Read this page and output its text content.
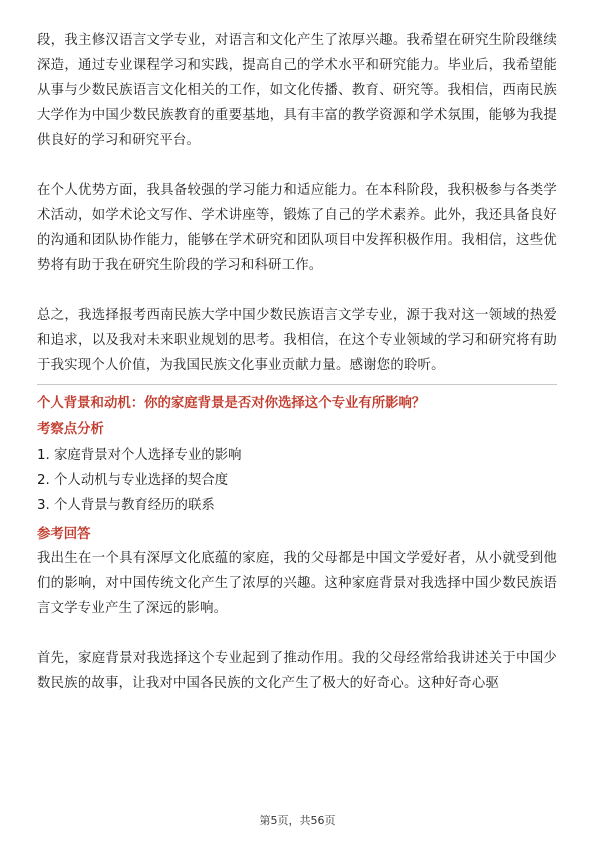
段，我主修汉语言文学专业，对语言和文化产生了浓厚兴趣。我希望在研究生阶段继续深造，通过专业课程学习和实践，提高自己的学术水平和研究能力。毕业后，我希望能从事与少数民族语言文化相关的工作，如文化传播、教育、研究等。我相信，西南民族大学作为中国少数民族教育的重要基地，具有丰富的教学资源和学术氛围，能够为我提供良好的学习和研究平台。

在个人优势方面，我具备较强的学习能力和适应能力。在本科阶段，我积极参与各类学术活动，如学术论文写作、学术讲座等，锻炼了自己的学术素养。此外，我还具备良好的沟通和团队协作能力，能够在学术研究和团队项目中发挥积极作用。我相信，这些优势将有助于我在研究生阶段的学习和科研工作。

总之，我选择报考西南民族大学中国少数民族语言文学专业，源于我对这一领域的热爱和追求，以及我对未来职业规划的思考。我相信，在这个专业领域的学习和研究将有助于我实现个人价值，为我国民族文化事业贡献力量。感谢您的聆听。

个人背景和动机：你的家庭背景是否对你选择这个专业有所影响？

考察点分析

1. 家庭背景对个人选择专业的影响

2. 个人动机与专业选择的契合度

3. 个人背景与教育经历的联系

参考回答

我出生在一个具有深厚文化底蕴的家庭，我的父母都是中国文学爱好者，从小就受到他们的影响，对中国传统文化产生了浓厚的兴趣。这种家庭背景对我选择中国少数民族语言文学专业产生了深远的影响。

首先，家庭背景对我选择这个专业起到了推动作用。我的父母经常给我讲述关于中国少数民族的故事，让我对中国各民族的文化产生了极大的好奇心。这种好奇心驱

第5页，共56页
